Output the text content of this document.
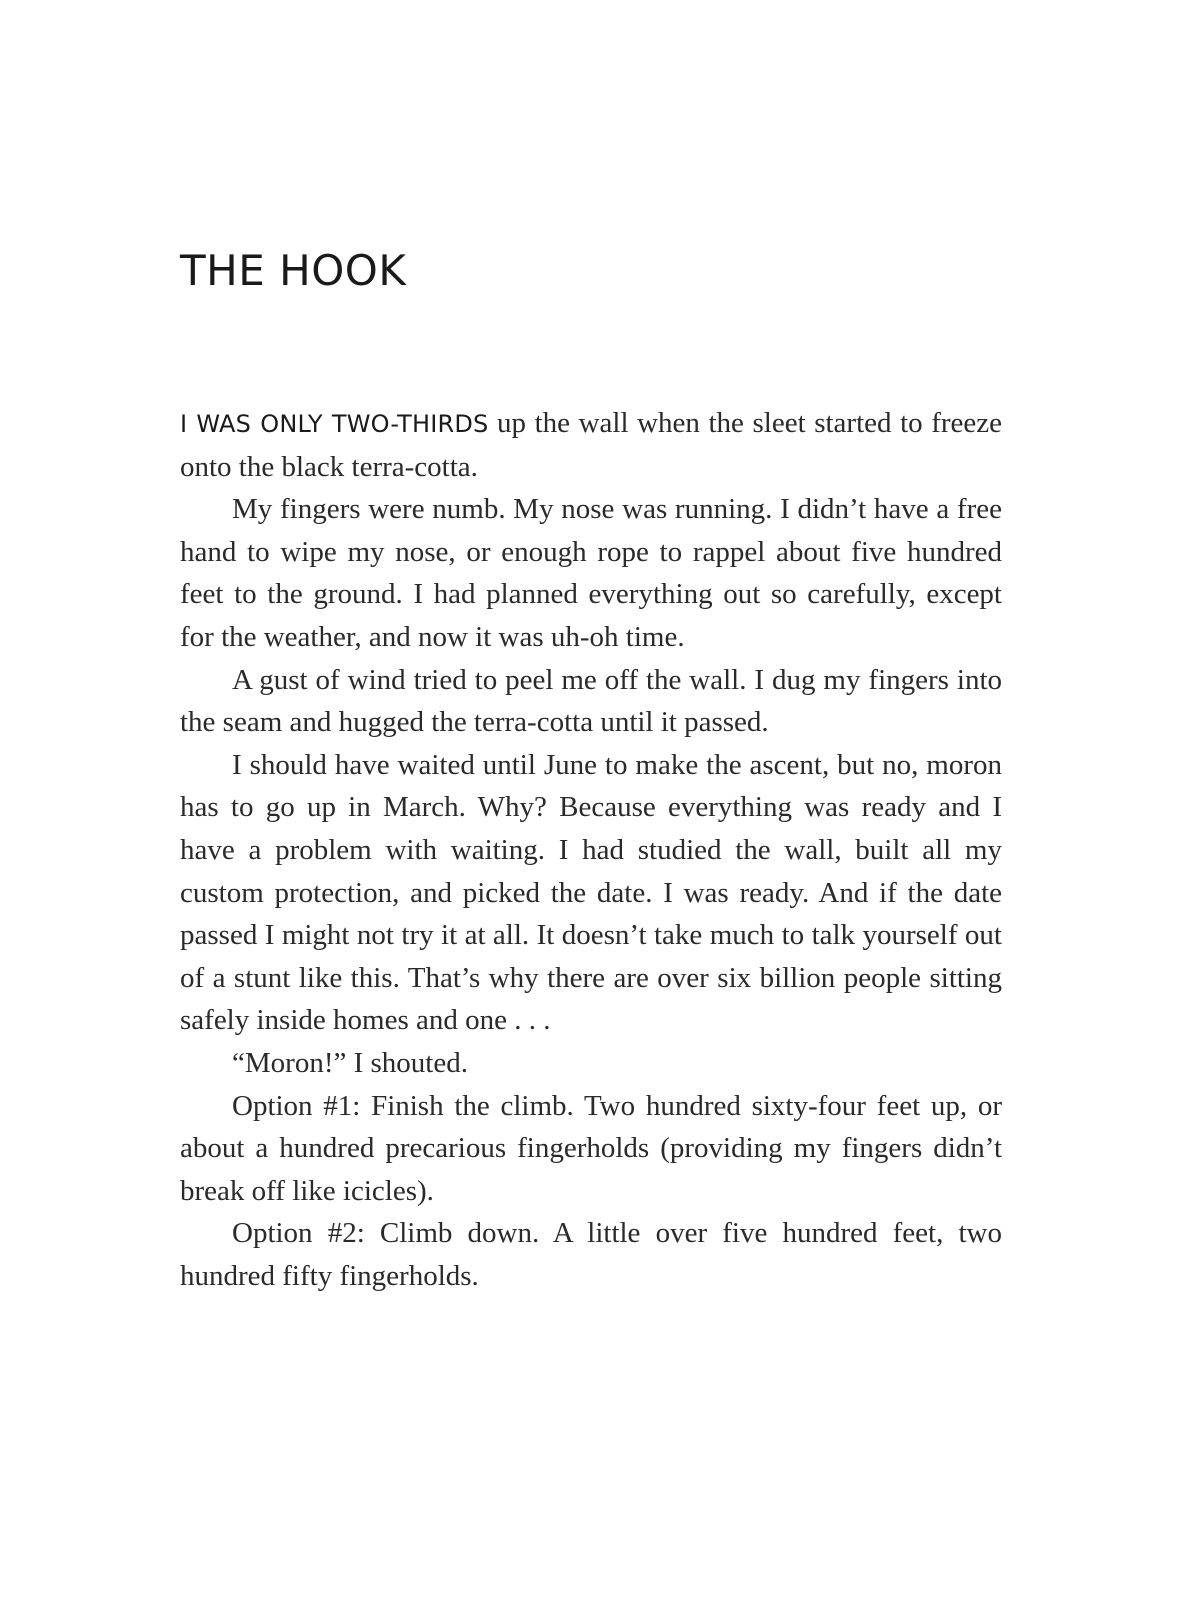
THE HOOK

I WAS ONLY TWO-THIRDS up the wall when the sleet started to freeze onto the black terra-cotta.

My fingers were numb. My nose was running. I didn’t have a free hand to wipe my nose, or enough rope to rappel about five hundred feet to the ground. I had planned everything out so carefully, except for the weather, and now it was uh-oh time.

A gust of wind tried to peel me off the wall. I dug my fingers into the seam and hugged the terra-cotta until it passed.

I should have waited until June to make the ascent, but no, moron has to go up in March. Why? Because everything was ready and I have a problem with waiting. I had studied the wall, built all my custom protection, and picked the date. I was ready. And if the date passed I might not try it at all. It doesn’t take much to talk yourself out of a stunt like this. That’s why there are over six billion people sitting safely inside homes and one . . .

“Moron!” I shouted.

Option #1: Finish the climb. Two hundred sixty-four feet up, or about a hundred precarious fingerholds (providing my fingers didn’t break off like icicles).

Option #2: Climb down. A little over five hundred feet, two hundred fifty fingerholds.
